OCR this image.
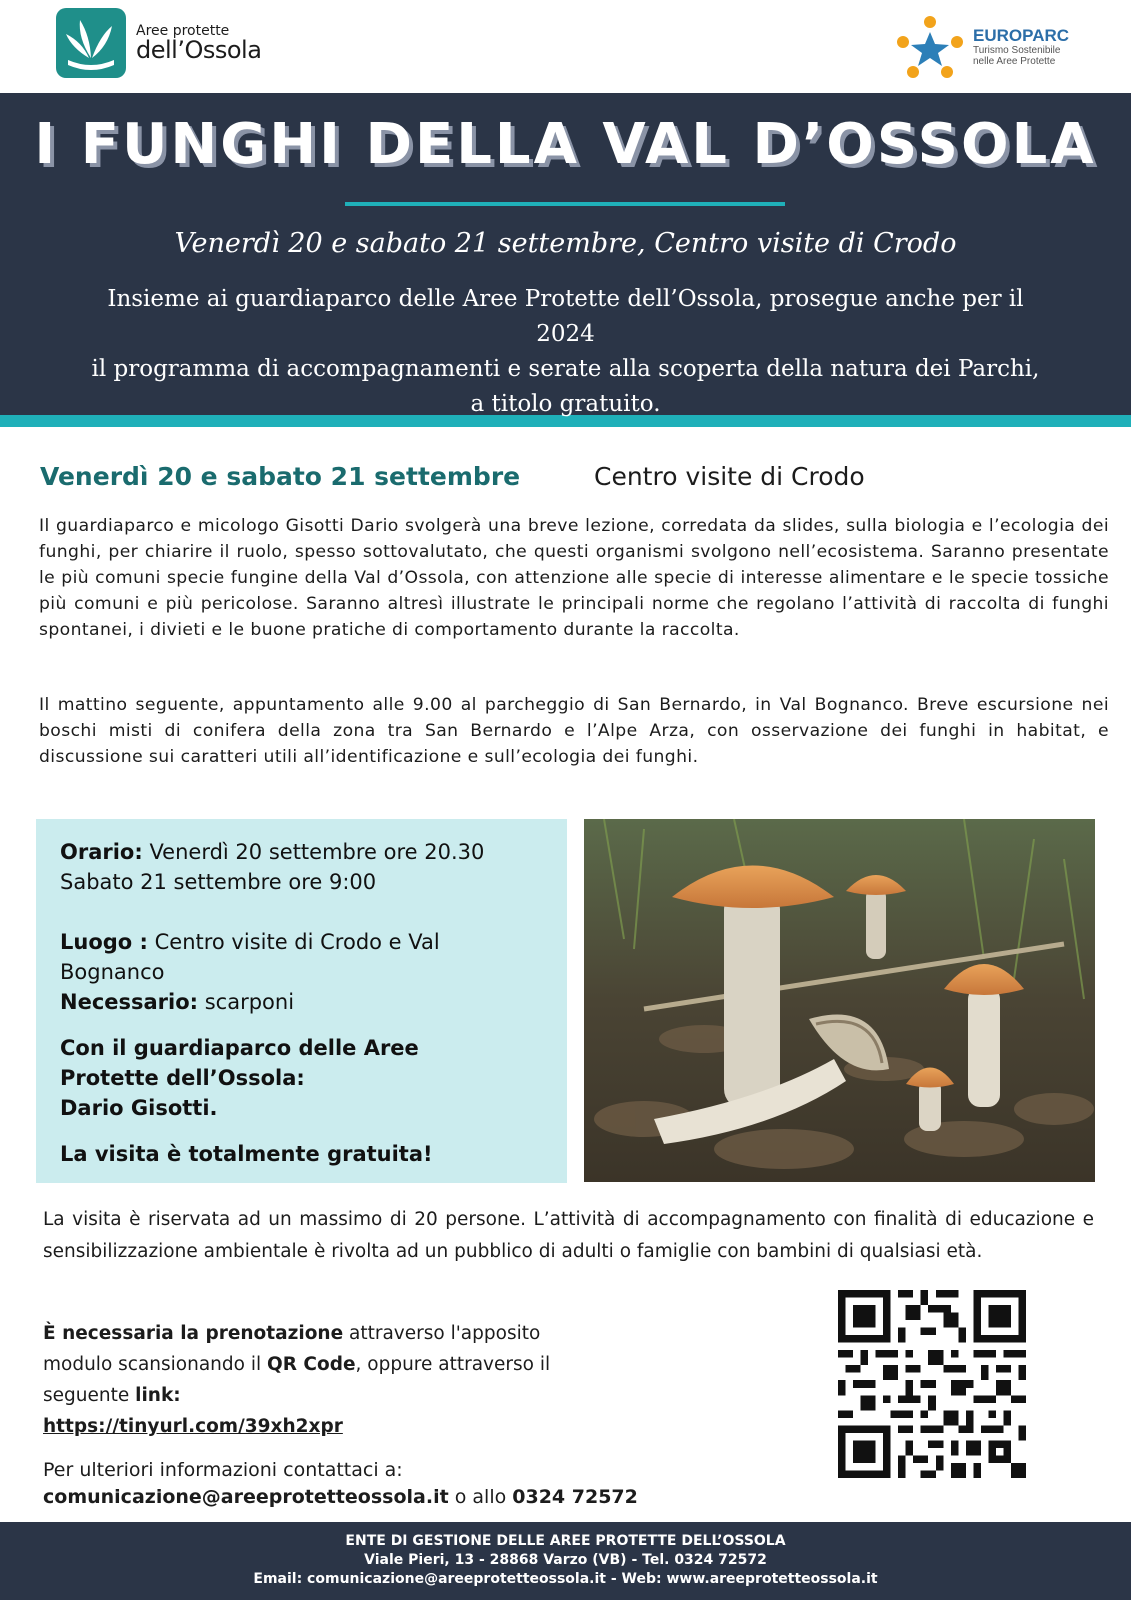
Aree protette
dell’Ossola
EUROPARC
Turismo Sostenibile
nelle Aree Protette
I FUNGHI DELLA VAL D’OSSOLA
Venerdì 20 e sabato 21 settembre, Centro visite di Crodo
Insieme ai guardiaparco delle Aree Protette dell’Ossola, prosegue anche per il 2024
il programma di accompagnamenti e serate alla scoperta della natura dei Parchi,
a titolo gratuito.
Venerdì 20 e sabato 21 settembre	Centro visite di Crodo

Il guardiaparco e micologo Gisotti Dario svolgerà una breve lezione, corredata da slides, sulla biologia e l’ecologia dei funghi, per chiarire il ruolo, spesso sottovalutato, che questi organismi svolgono nell’ecosistema. Saranno presentate le più comuni specie fungine della Val d’Ossola, con attenzione alle specie di interesse alimentare e le specie tossiche più comuni e più pericolose. Saranno altresì illustrate le principali norme che regolano l’attività di raccolta di funghi spontanei, i divieti e le buone pratiche di comportamento durante la raccolta.

Il mattino seguente, appuntamento alle 9.00 al parcheggio di San Bernardo, in Val Bognanco. Breve escursione nei boschi misti di conifera della zona tra San Bernardo e l’Alpe Arza, con osservazione dei funghi in habitat, e discussione sui caratteri utili all’identificazione e sull’ecologia dei funghi.

Orario: Venerdì 20 settembre ore 20.30
Sabato 21 settembre ore 9:00
Luogo : Centro visite di Crodo e Val
Bognanco
Necessario: scarponi
Con il guardiaparco delle Aree
Protette dell’Ossola:
Dario Gisotti.
La visita è totalmente gratuita!

La visita è riservata ad un massimo di 20 persone. L’attività di accompagnamento con finalità di educazione e sensibilizzazione ambientale è rivolta ad un pubblico di adulti o famiglie con bambini di qualsiasi età.

È necessaria la prenotazione attraverso l'apposito
modulo scansionando il QR Code, oppure attraverso il
seguente link:
https://tinyurl.com/39xh2xpr
Per ulteriori informazioni contattaci a:
comunicazione@areeprotetteossola.it o allo 0324 72572
ENTE DI GESTIONE DELLE AREE PROTETTE DELL’OSSOLA
Viale Pieri, 13 - 28868 Varzo (VB) - Tel. 0324 72572
Email: comunicazione@areeprotetteossola.it - Web: www.areeprotetteossola.it
